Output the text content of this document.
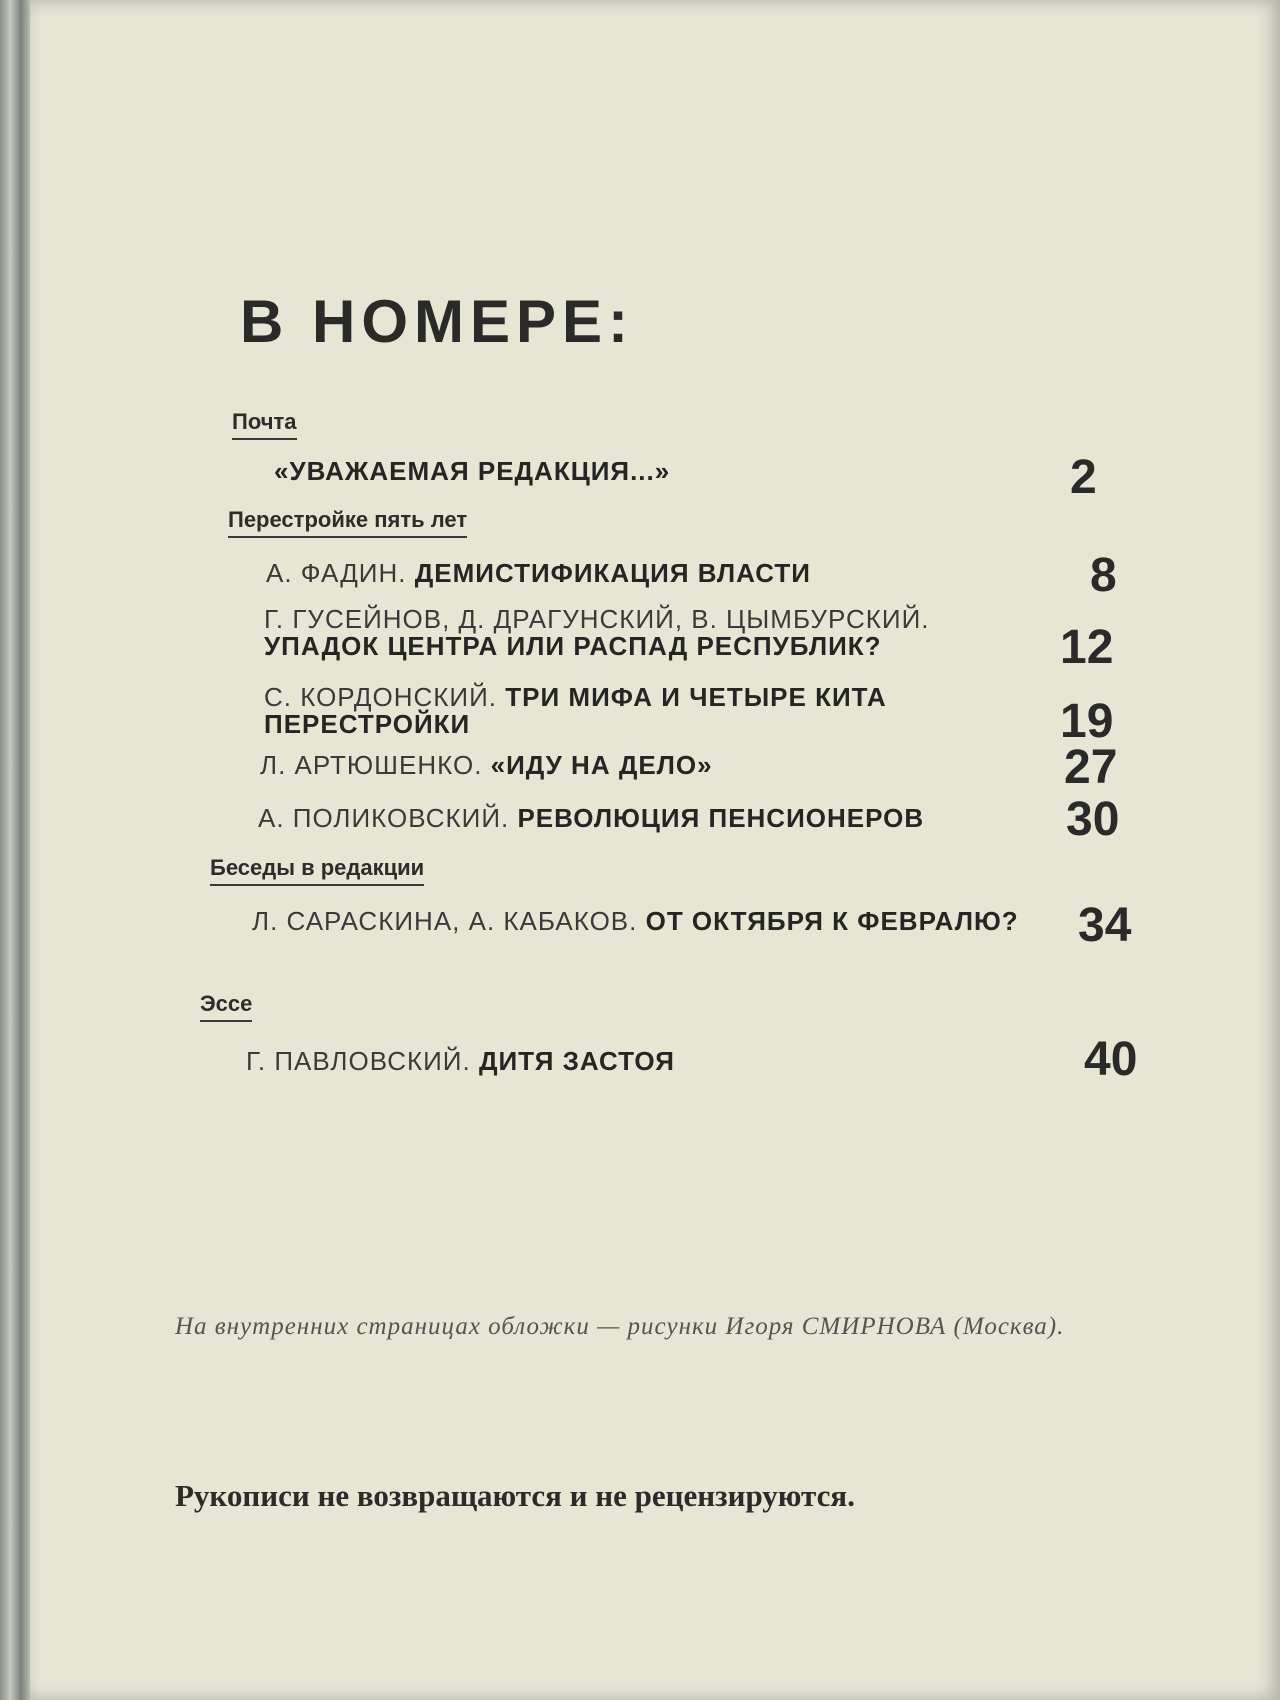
В НОМЕРЕ:
Почта
«УВАЖАЕМАЯ РЕДАКЦИЯ...»	2
Перестройке пять лет
А. ФАДИН. ДЕМИСТИФИКАЦИЯ ВЛАСТИ	8
Г. ГУСЕЙНОВ, Д. ДРАГУНСКИЙ, В. ЦЫМБУРСКИЙ. УПАДОК ЦЕНТРА ИЛИ РАСПАД РЕСПУБЛИК?	12
С. КОРДОНСКИЙ. ТРИ МИФА И ЧЕТЫРЕ КИТА ПЕРЕСТРОЙКИ	19
Л. АРТЮШЕНКО. «ИДУ НА ДЕЛО»	27
А. ПОЛИКОВСКИЙ. РЕВОЛЮЦИЯ ПЕНСИОНЕРОВ	30
Беседы в редакции
Л. САРАСКИНА, А. КАБАКОВ. ОТ ОКТЯБРЯ К ФЕВРАЛЮ?	34
Эссе
Г. ПАВЛОВСКИЙ. ДИТЯ ЗАСТОЯ	40
На внутренних страницах обложки — рисунки Игоря СМИРНОВА (Москва).
Рукописи не возвращаются и не рецензируются.
